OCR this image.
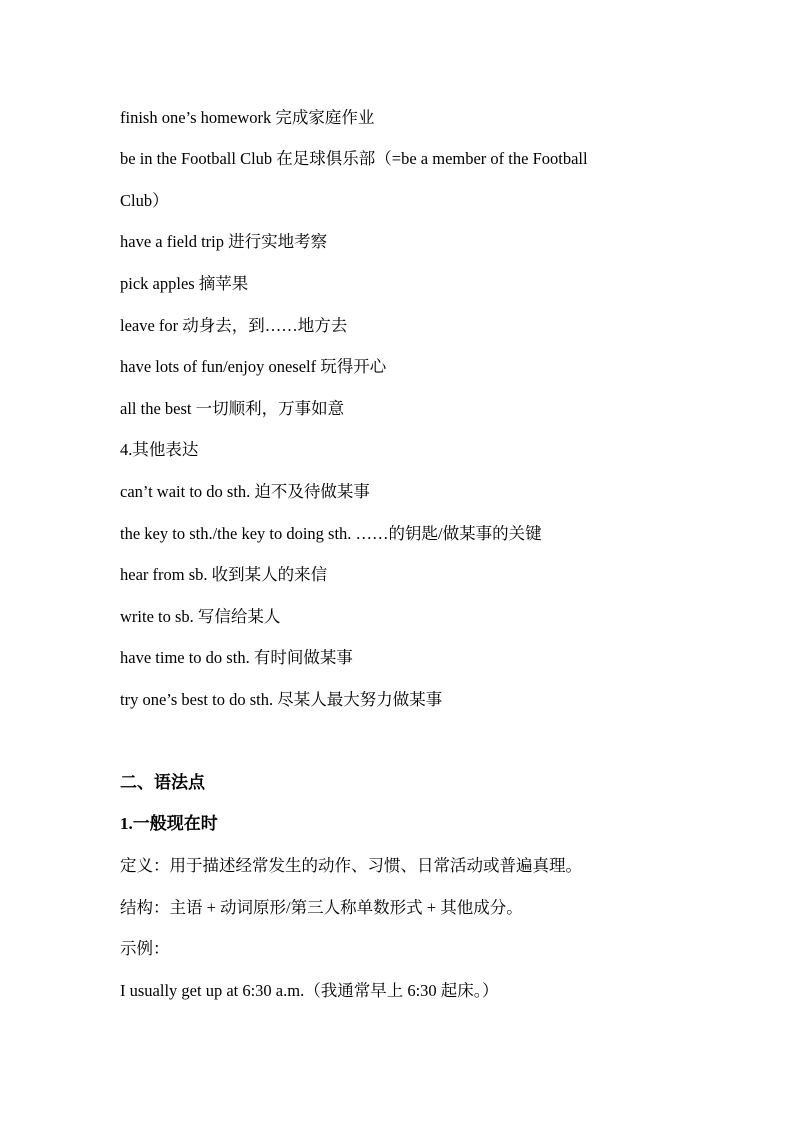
finish one’s homework 完成家庭作业
be in the Football Club 在足球俱乐部（=be a member of the Football
Club）
have a field trip 进行实地考察
pick apples 摘苹果
leave for 动身去，到……地方去
have lots of fun/enjoy oneself 玩得开心
all the best 一切顺利，万事如意
4.其他表达
can’t wait to do sth. 迫不及待做某事
the key to sth./the key to doing sth. ……的钥匙/做某事的关键
hear from sb. 收到某人的来信
write to sb. 写信给某人
have time to do sth. 有时间做某事
try one’s best to do sth. 尽某人最大努力做某事
二、语法点
1.一般现在时
定义：用于描述经常发生的动作、习惯、日常活动或普遍真理。
结构：主语 + 动词原形/第三人称单数形式 + 其他成分。
示例：
I usually get up at 6:30 a.m.（我通常早上 6:30 起床。）
